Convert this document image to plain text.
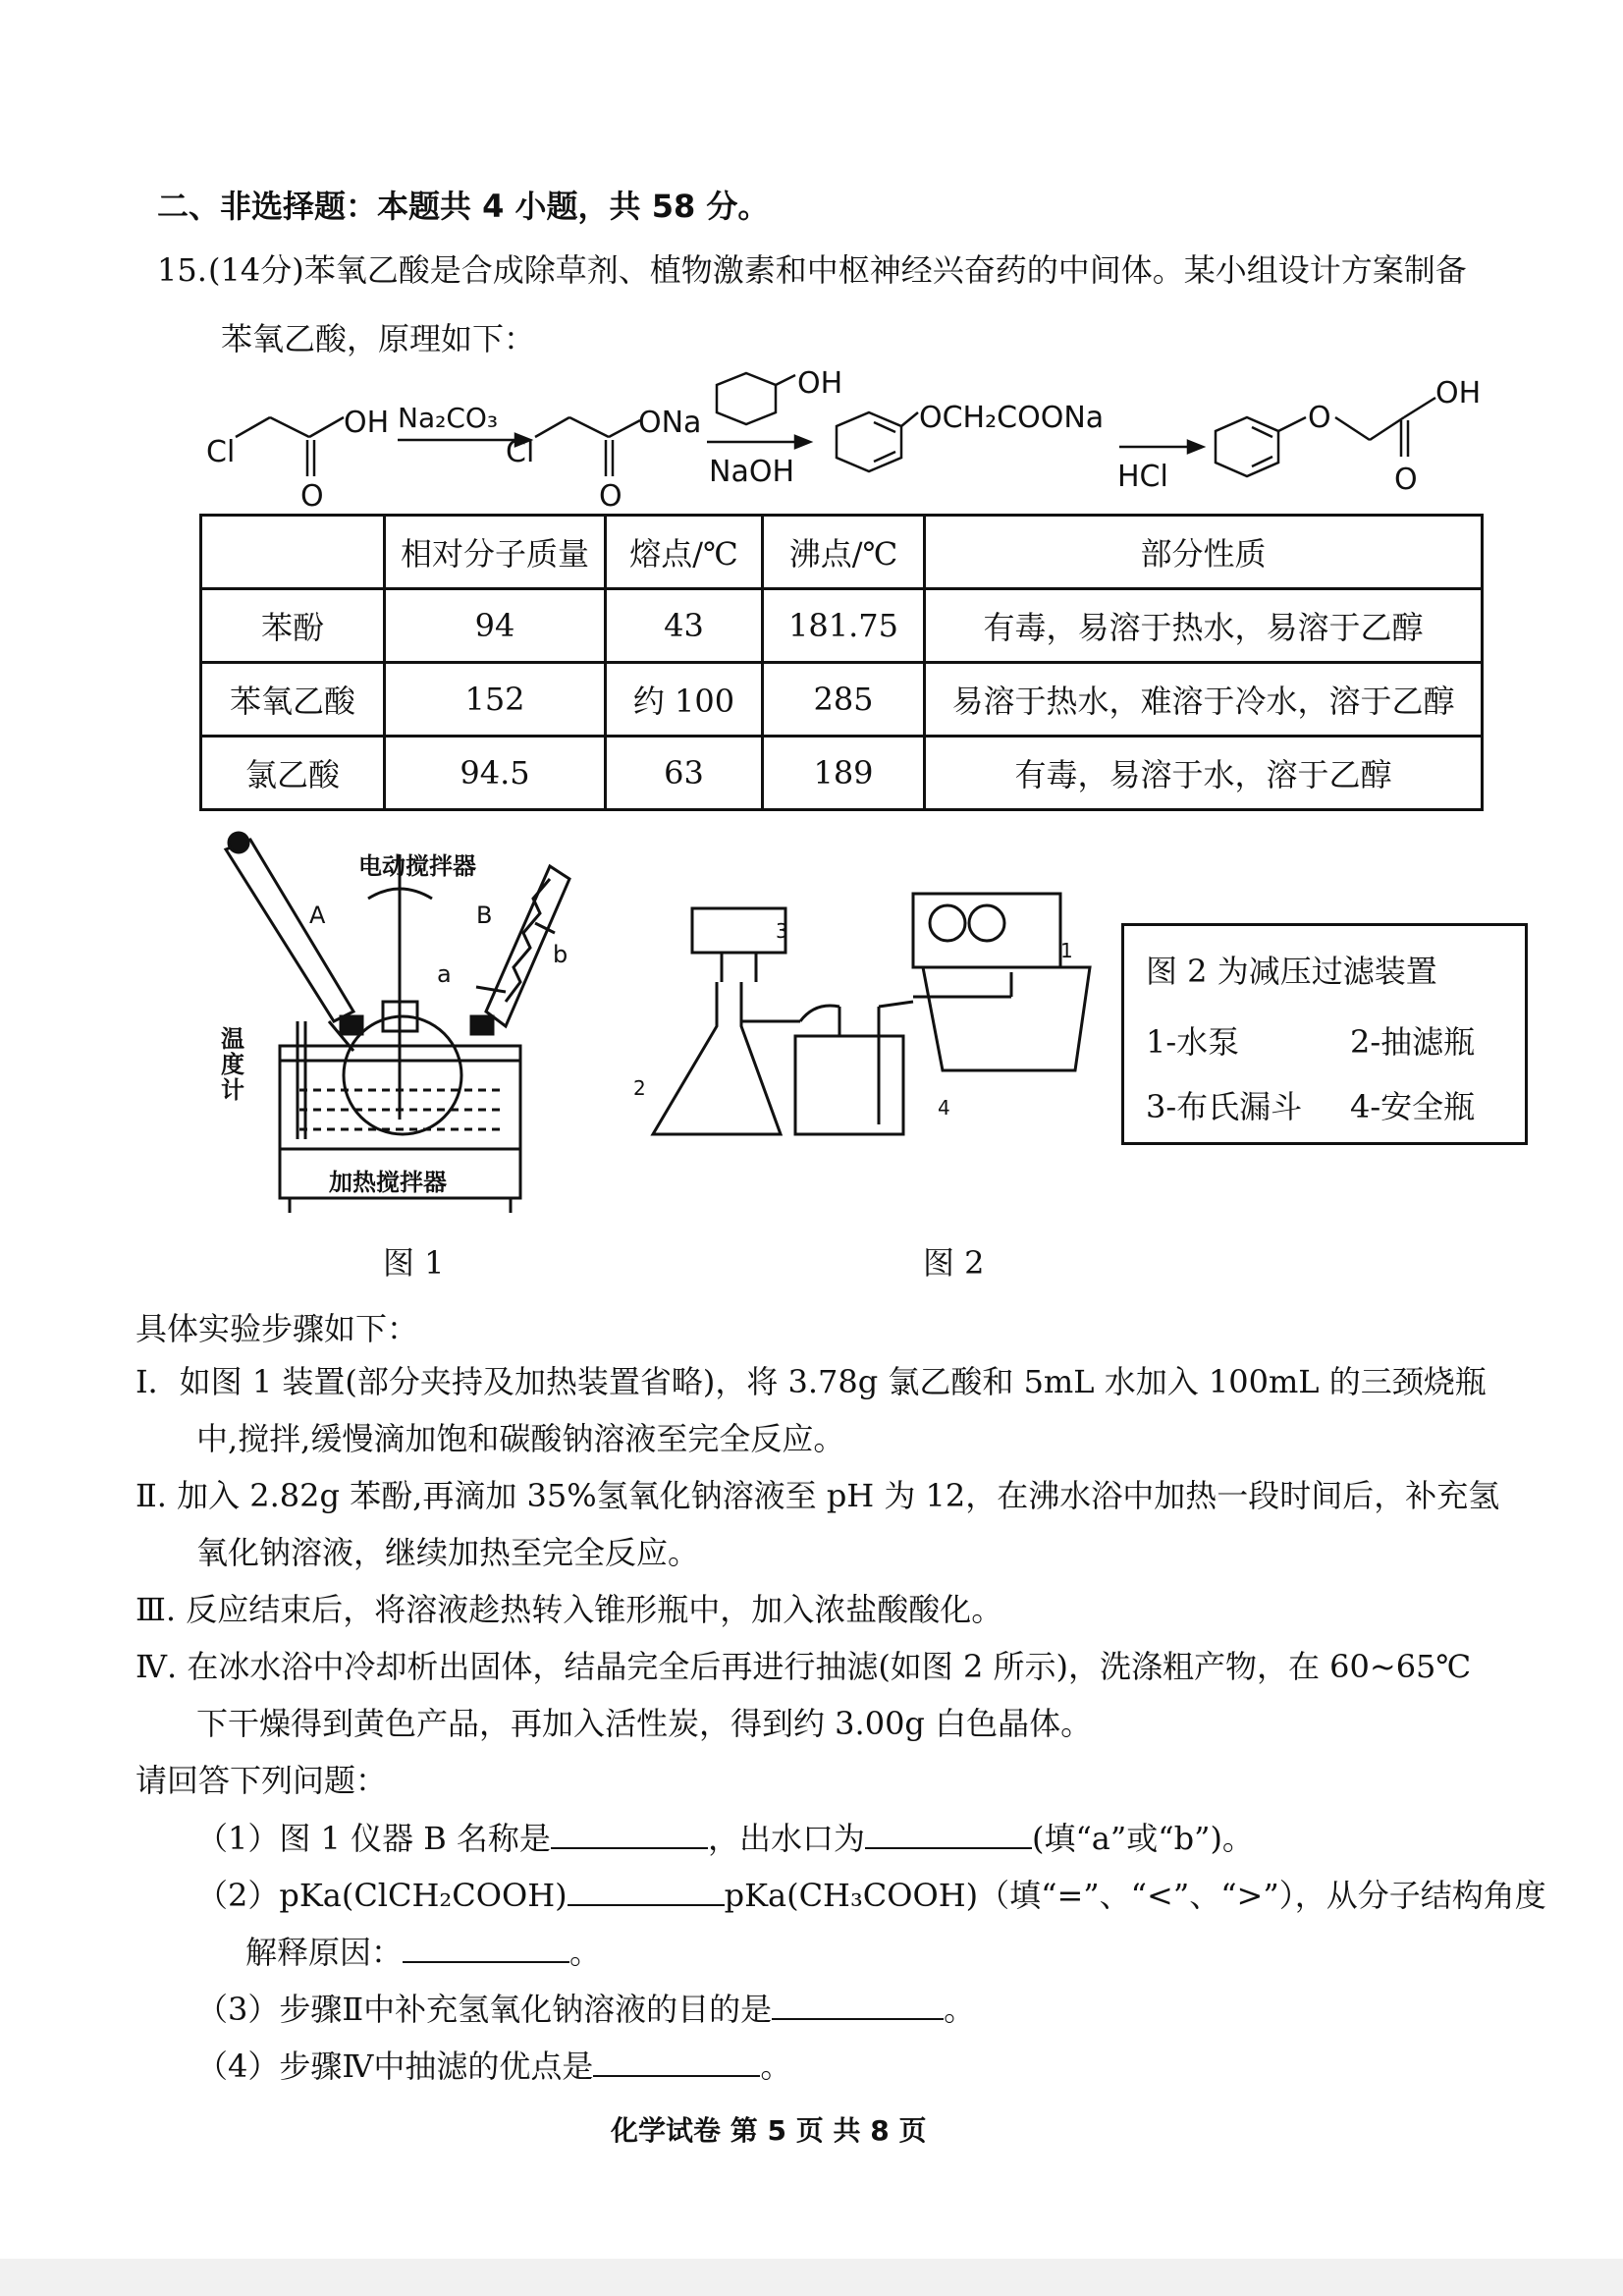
二、非选择题：本题共 4 小题，共 58 分。
15. (14分)苯氧乙酸是合成除草剂、植物激素和中枢神经兴奋药的中间体。某小组设计方案制备
苯氧乙酸，原理如下：
Cl
OH
O
Na₂CO₃
Cl
ONa
O
OH
NaOH
OCH₂COONa
HCl
O
OH
O
	相对分子质量	熔点/℃	沸点/℃	部分性质
苯酚	94	43	181.75	有毒，易溶于热水，易溶于乙醇
苯氧乙酸	152	约 100	285	易溶于热水，难溶于冷水，溶于乙醇
氯乙酸	94.5	63	189	有毒，易溶于水，溶于乙醇
电动搅拌器
A	B
a
b
加热搅拌器
温度计
1
2
3
4
图 2 为减压过滤装置
1-水泵	2-抽滤瓶
3-布氏漏斗 4-安全瓶
图 1	图 2
具体实验步骤如下：
Ⅰ．如图 1 装置(部分夹持及加热装置省略)，将 3.78g 氯乙酸和 5mL 水加入 100mL 的三颈烧瓶
中,搅拌,缓慢滴加饱和碳酸钠溶液至完全反应。
Ⅱ. 加入 2.82g 苯酚,再滴加 35%氢氧化钠溶液至 pH 为 12，在沸水浴中加热一段时间后，补充氢
氧化钠溶液，继续加热至完全反应。
Ⅲ. 反应结束后，将溶液趁热转入锥形瓶中，加入浓盐酸酸化。
Ⅳ. 在冰水浴中冷却析出固体，结晶完全后再进行抽滤(如图 2 所示)，洗涤粗产物，在 60~65℃
下干燥得到黄色产品，再加入活性炭，得到约 3.00g 白色晶体。
请回答下列问题：
（1）图 1 仪器 B 名称是	，出水口为	(填“a”或“b”)。
（2）pKa(ClCH₂COOH)	pKa(CH₃COOH)（填“=”、“<”、“>”），从分子结构角度
解释原因：	。
（3）步骤Ⅱ中补充氢氧化钠溶液的目的是	。
（4）步骤Ⅳ中抽滤的优点是	。
化学试卷 第 5 页 共 8 页
